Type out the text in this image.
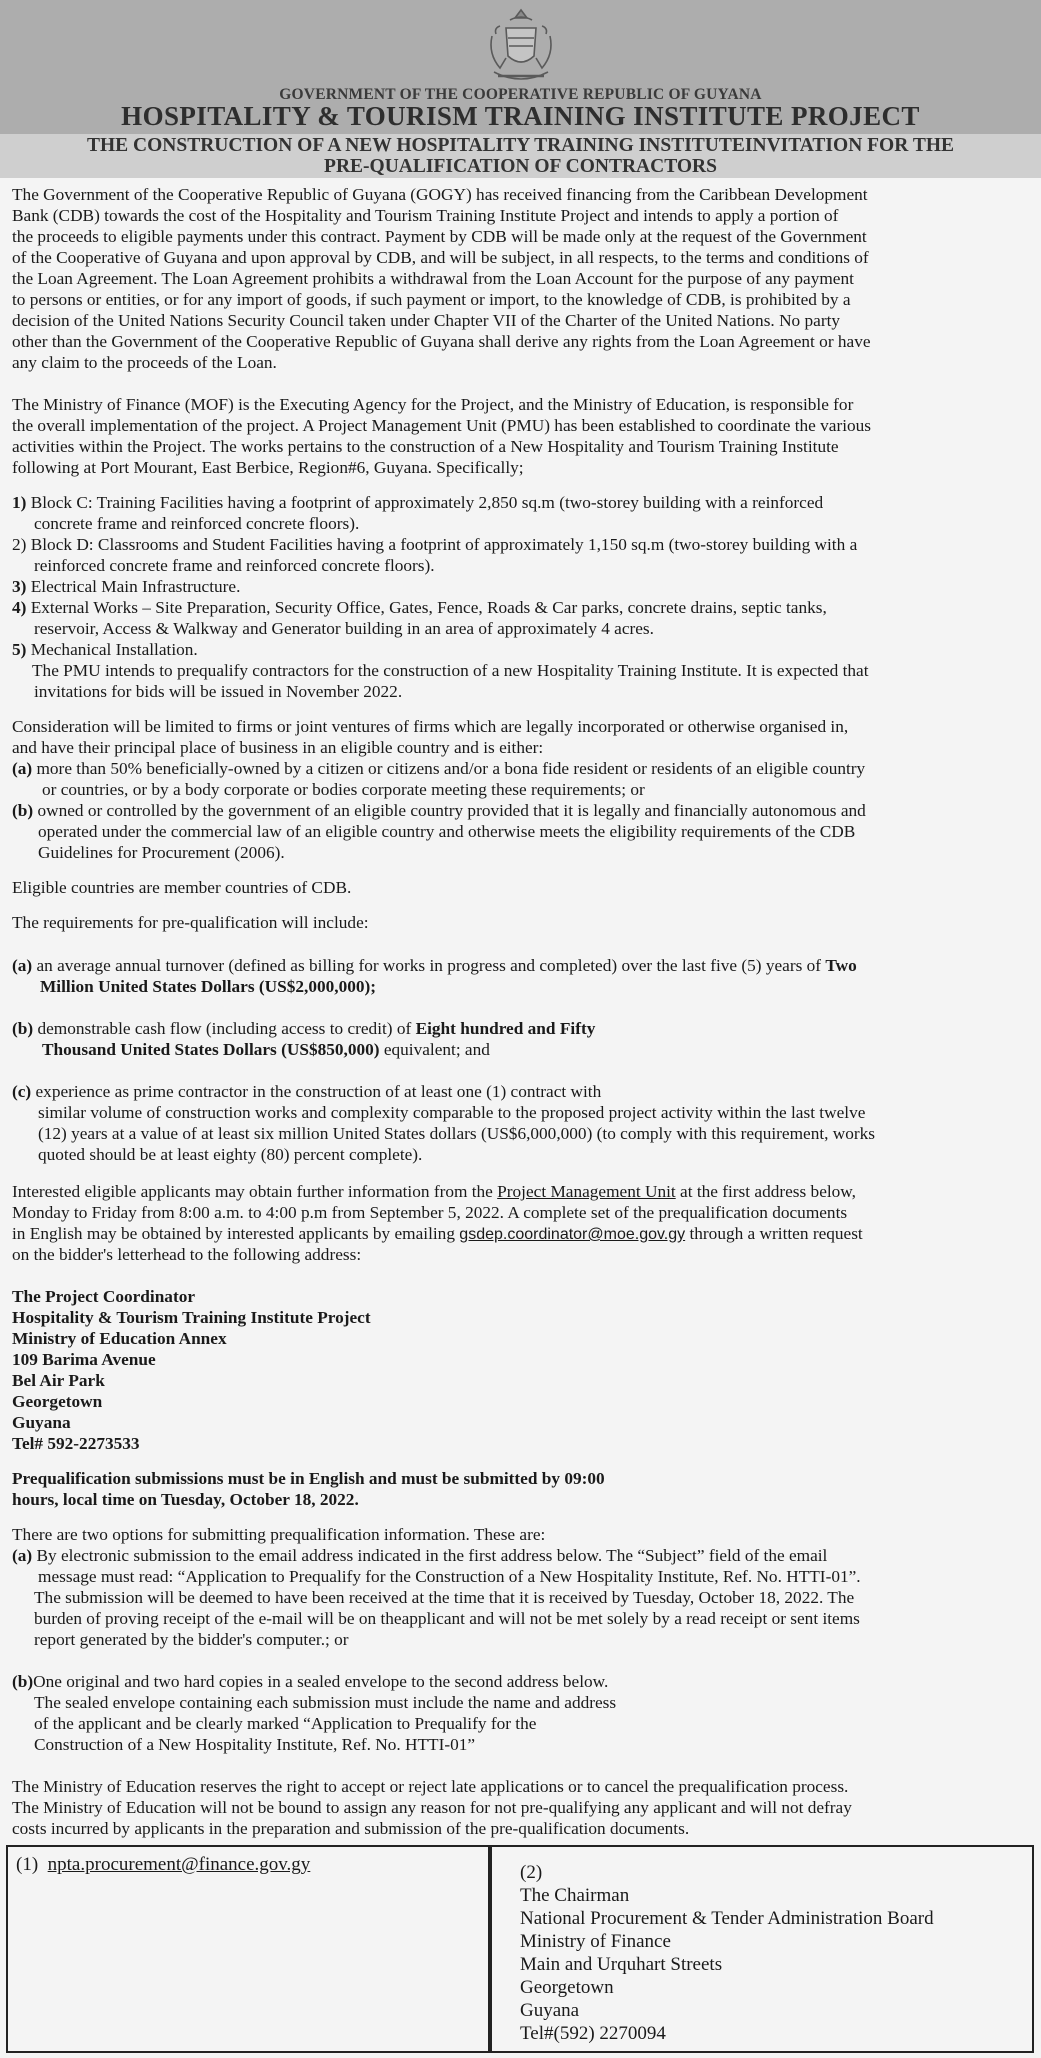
GOVERNMENT OF THE COOPERATIVE REPUBLIC OF GUYANA
HOSPITALITY & TOURISM TRAINING INSTITUTE PROJECT
THE CONSTRUCTION OF A NEW HOSPITALITY TRAINING INSTITUTEINVITATION FOR THE
PRE-QUALIFICATION OF CONTRACTORS
The Government of the Cooperative Republic of Guyana (GOGY) has received financing from the Caribbean Development
Bank (CDB) towards the cost of the Hospitality and Tourism Training Institute Project and intends to apply a portion of
the proceeds to eligible payments under this contract. Payment by CDB will be made only at the request of the Government
of the Cooperative of Guyana and upon approval by CDB, and will be subject, in all respects, to the terms and conditions of
the Loan Agreement. The Loan Agreement prohibits a withdrawal from the Loan Account for the purpose of any payment
to persons or entities, or for any import of goods, if such payment or import, to the knowledge of CDB, is prohibited by a
decision of the United Nations Security Council taken under Chapter VII of the Charter of the United Nations. No party
other than the Government of the Cooperative Republic of Guyana shall derive any rights from the Loan Agreement or have
any claim to the proceeds of the Loan.
The Ministry of Finance (MOF) is the Executing Agency for the Project, and the Ministry of Education, is responsible for
the overall implementation of the project. A Project Management Unit (PMU) has been established to coordinate the various
activities within the Project. The works pertains to the construction of a New Hospitality and Tourism Training Institute
following at Port Mourant, East Berbice, Region#6, Guyana. Specifically;
1) Block C: Training Facilities having a footprint of approximately 2,850 sq.m (two-storey building with a reinforced
concrete frame and reinforced concrete floors).
2) Block D: Classrooms and Student Facilities having a footprint of approximately 1,150 sq.m (two-storey building with a
reinforced concrete frame and reinforced concrete floors).
3) Electrical Main Infrastructure.
4) External Works – Site Preparation, Security Office, Gates, Fence, Roads & Car parks, concrete drains, septic tanks,
reservoir, Access & Walkway and Generator building in an area of approximately 4 acres.
5) Mechanical Installation.
The PMU intends to prequalify contractors for the construction of a new Hospitality Training Institute. It is expected that
invitations for bids will be issued in November 2022.
Consideration will be limited to firms or joint ventures of firms which are legally incorporated or otherwise organised in,
and have their principal place of business in an eligible country and is either:
(a) more than 50% beneficially-owned by a citizen or citizens and/or a bona fide resident or residents of an eligible country
or countries, or by a body corporate or bodies corporate meeting these requirements; or
(b) owned or controlled by the government of an eligible country provided that it is legally and financially autonomous and
operated under the commercial law of an eligible country and otherwise meets the eligibility requirements of the CDB
Guidelines for Procurement (2006).
Eligible countries are member countries of CDB.
The requirements for pre-qualification will include:
(a) an average annual turnover (defined as billing for works in progress and completed) over the last five (5) years of Two
Million United States Dollars (US$2,000,000);
(b) demonstrable cash flow (including access to credit) of Eight hundred and Fifty
Thousand United States Dollars (US$850,000) equivalent; and
(c) experience as prime contractor in the construction of at least one (1) contract with
similar volume of construction works and complexity comparable to the proposed project activity within the last twelve
(12) years at a value of at least six million United States dollars (US$6,000,000) (to comply with this requirement, works
quoted should be at least eighty (80) percent complete).
Interested eligible applicants may obtain further information from the Project Management Unit at the first address below,
Monday to Friday from 8:00 a.m. to 4:00 p.m from September 5, 2022. A complete set of the prequalification documents
in English may be obtained by interested applicants by emailing gsdep.coordinator@moe.gov.gy through a written request
on the bidder's letterhead to the following address:
The Project Coordinator
Hospitality & Tourism Training Institute Project
Ministry of Education Annex
109 Barima Avenue
Bel Air Park
Georgetown
Guyana
Tel# 592-2273533
Prequalification submissions must be in English and must be submitted by 09:00
hours, local time on Tuesday, October 18, 2022.
There are two options for submitting prequalification information. These are:
(a) By electronic submission to the email address indicated in the first address below. The “Subject” field of the email
message must read: “Application to Prequalify for the Construction of a New Hospitality Institute, Ref. No. HTTI-01”.
The submission will be deemed to have been received at the time that it is received by Tuesday, October 18, 2022. The
burden of proving receipt of the e-mail will be on theapplicant and will not be met solely by a read receipt or sent items
report generated by the bidder's computer.; or
(b)One original and two hard copies in a sealed envelope to the second address below.
The sealed envelope containing each submission must include the name and address
of the applicant and be clearly marked “Application to Prequalify for the
Construction of a New Hospitality Institute, Ref. No. HTTI-01”
The Ministry of Education reserves the right to accept or reject late applications or to cancel the prequalification process.
The Ministry of Education will not be bound to assign any reason for not pre-qualifying any applicant and will not defray
costs incurred by applicants in the preparation and submission of the pre-qualification documents.
(1) npta.procurement@finance.gov.gy	(2)
The Chairman
National Procurement & Tender Administration Board
Ministry of Finance
Main and Urquhart Streets
Georgetown
Guyana
Tel#(592) 2270094
